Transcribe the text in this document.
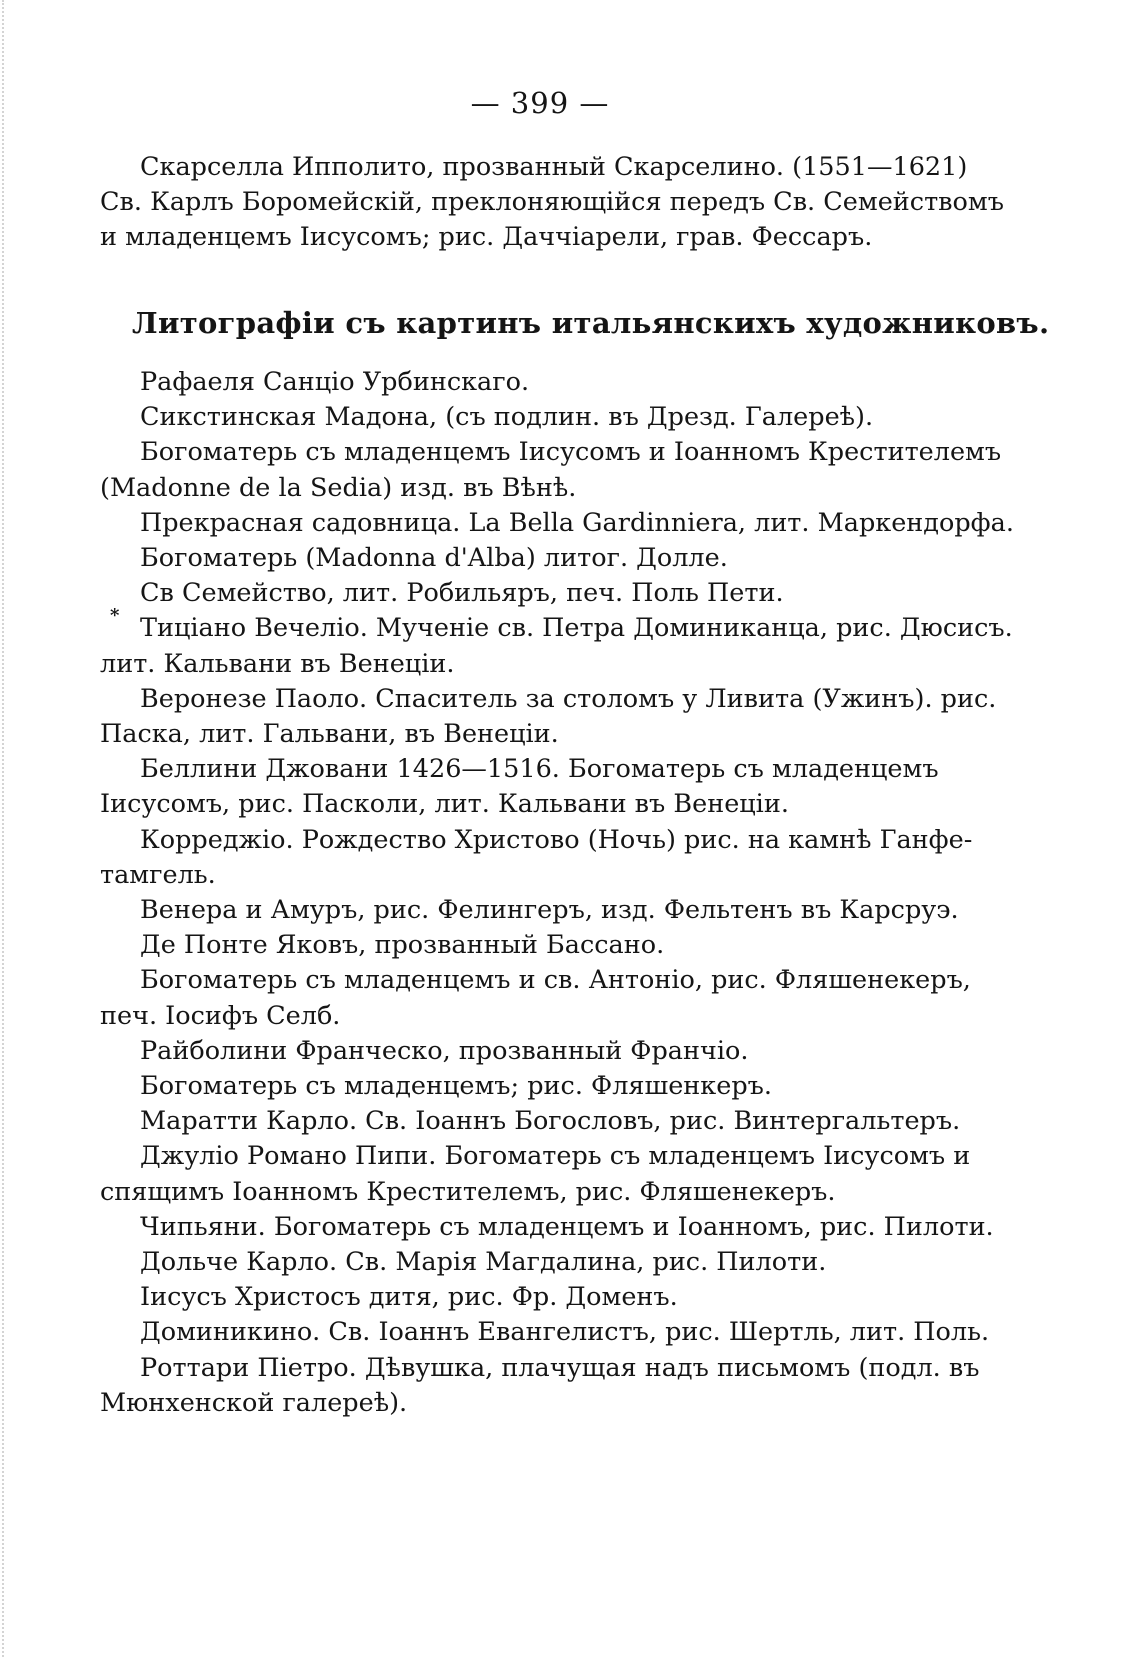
— 399 —
Скарселла Ипполито, прозванный Скарселино. (1551—1621)
Св. Карлъ Боромейскій, преклоняющійся передъ Св. Семействомъ
и младенцемъ Іисусомъ; рис. Даччіарели, грав. Фессаръ.
Литографіи съ картинъ итальянскихъ художниковъ.
*
Рафаеля Санціо Урбинскаго.
Сикстинская Мадона, (съ подлин. въ Дрезд. Галереѣ).
Богоматерь съ младенцемъ Іисусомъ и Іоанномъ Крестителемъ
(Madonne de la Sedia) изд. въ Вѣнѣ.
Прекрасная садовница. La Bella Gardinniera, лит. Маркендорфа.
Богоматерь (Madonna d'Alba) литог. Долле.
Св Семейство, лит. Робильяръ, печ. Поль Пети.
Тиціано Вечеліо. Мученіе св. Петра Доминиканца, рис. Дюсисъ.
лит. Кальвани въ Венеціи.
Веронезе Паоло. Спаситель за столомъ у Ливита (Ужинъ). рис.
Паска, лит. Гальвани, въ Венеціи.
Беллини Джовани 1426—1516. Богоматерь съ младенцемъ
Іисусомъ, рис. Пасколи, лит. Кальвани въ Венеціи.
Корреджіо. Рождество Христово (Ночь) рис. на камнѣ Ганфе-
тамгель.
Венера и Амуръ, рис. Фелингеръ, изд. Фельтенъ въ Карсруэ.
Де Понте Яковъ, прозванный Бассано.
Богоматерь съ младенцемъ и св. Антоніо, рис. Фляшенекеръ,
печ. Іосифъ Селб.
Райболини Франческо, прозванный Франчіо.
Богоматерь съ младенцемъ; рис. Фляшенкеръ.
Маратти Карло. Св. Іоаннъ Богословъ, рис. Винтергальтеръ.
Джуліо Романо Пипи. Богоматерь съ младенцемъ Іисусомъ и
спящимъ Іоанномъ Крестителемъ, рис. Фляшенекеръ.
Чипьяни. Богоматерь съ младенцемъ и Іоанномъ, рис. Пилоти.
Дольче Карло. Св. Марія Магдалина, рис. Пилоти.
Іисусъ Христосъ дитя, рис. Фр. Доменъ.
Доминикино. Св. Іоаннъ Евангелистъ, рис. Шертль, лит. Поль.
Роттари Піетро. Дѣвушка, плачущая надъ письмомъ (подл. въ
Мюнхенской галереѣ).
